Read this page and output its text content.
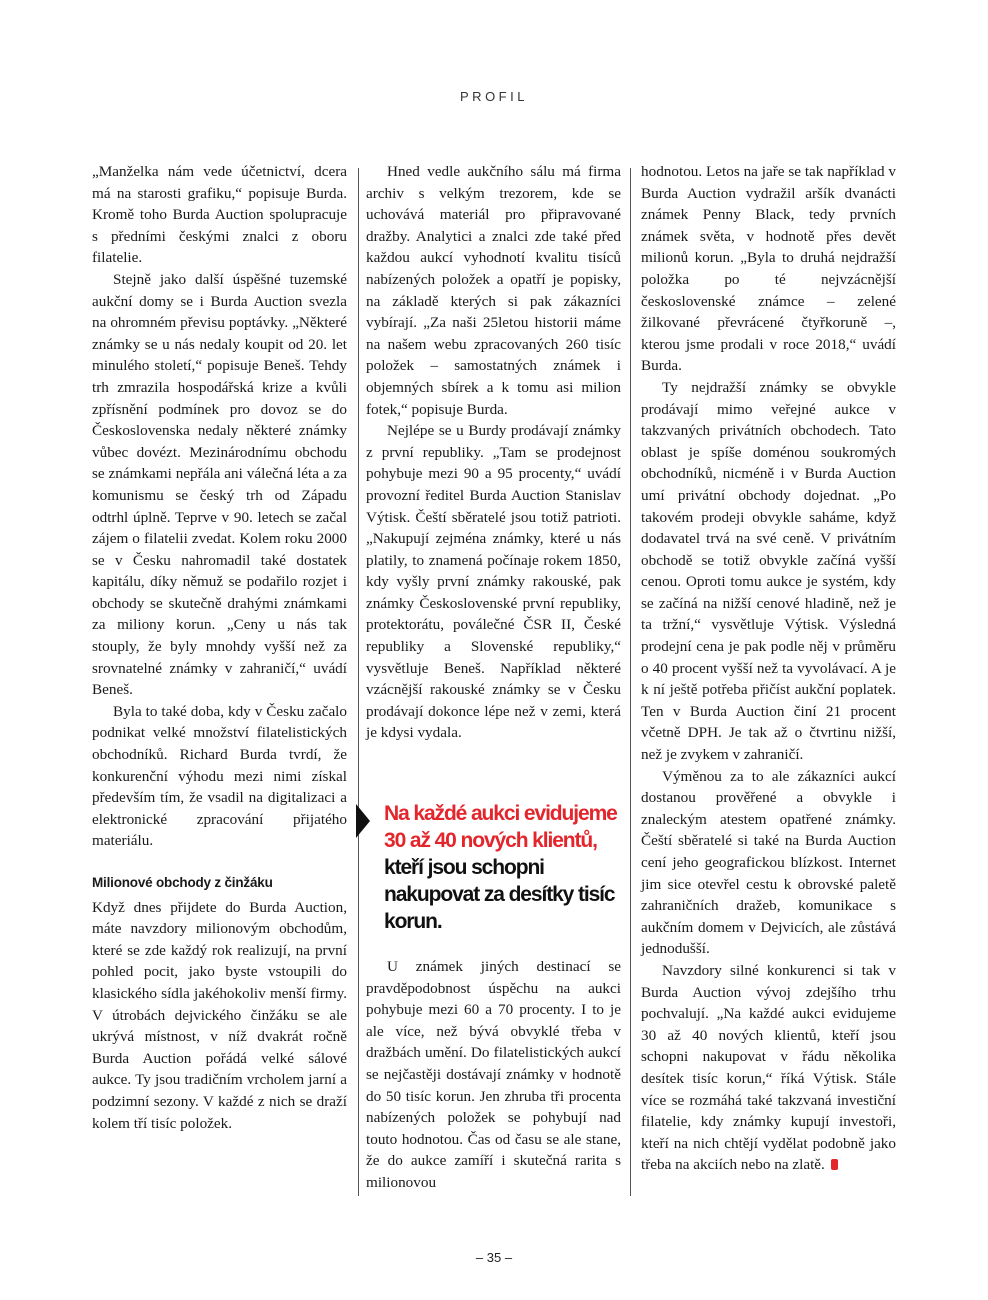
PROFIL

„Manželka nám vede účetnictví, dcera má na starosti grafiku,“ popisuje Burda. Kromě toho Burda Auction spolupracuje s předními českými znalci z oboru filatelie.

Stejně jako další úspěšné tuzemské aukční domy se i Burda Auction svezla na ohromném převisu poptávky. „Některé známky se u nás nedaly koupit od 20. let minulého století,“ popisuje Beneš. Tehdy trh zmrazila hospodářská krize a kvůli zpřísnění podmínek pro dovoz se do Československa nedaly některé známky vůbec dovézt. Mezinárodnímu obchodu se známkami nepřála ani válečná léta a za komunismu se český trh od Západu odtrhl úplně. Teprve v 90. letech se začal zájem o filatelii zvedat. Kolem roku 2000 se v Česku nahromadil také dostatek kapitálu, díky němuž se podařilo rozjet i obchody se skutečně drahými známkami za miliony korun. „Ceny u nás tak stouply, že byly mnohdy vyšší než za srovnatelné známky v zahraničí,“ uvádí Beneš.

Byla to také doba, kdy v Česku začalo podnikat velké množství filatelistických obchodníků. Richard Burda tvrdí, že konkurenční výhodu mezi nimi získal především tím, že vsadil na digitalizaci a elektronické zpracování přijatého materiálu.

Milionové obchody z činžáku

Když dnes přijdete do Burda Auction, máte navzdory milionovým obchodům, které se zde každý rok realizují, na první pohled pocit, jako byste vstoupili do klasického sídla jakéhokoliv menší firmy. V útrobách dejvického činžáku se ale ukrývá místnost, v níž dvakrát ročně Burda Auction pořádá velké sálové aukce. Ty jsou tradičním vrcholem jarní a podzimní sezony. V každé z nich se draží kolem tří tisíc položek.

Hned vedle aukčního sálu má firma archiv s velkým trezorem, kde se uchovává materiál pro připravované dražby. Analytici a znalci zde také před každou aukcí vyhodnotí kvalitu tisíců nabízených položek a opatří je popisky, na základě kterých si pak zákazníci vybírají. „Za naši 25letou historii máme na našem webu zpracovaných 260 tisíc položek – samostatných známek i objemných sbírek a k tomu asi milion fotek,“ popisuje Burda.

Nejlépe se u Burdy prodávají známky z první republiky. „Tam se prodejnost pohybuje mezi 90 a 95 procenty,“ uvádí provozní ředitel Burda Auction Stanislav Výtisk. Čeští sběratelé jsou totiž patrioti. „Nakupují zejména známky, které u nás platily, to znamená počínaje rokem 1850, kdy vyšly první známky rakouské, pak známky Československé první republiky, protektorátu, poválečné ČSR II, České republiky a Slovenské republiky,“ vysvětluje Beneš. Například některé vzácnější rakouské známky se v Česku prodávají dokonce lépe než v zemi, která je kdysi vydala.

Na každé aukci evidujeme 30 až 40 nových klientů, kteří jsou schopni nakupovat za desítky tisíc korun.

U známek jiných destinací se pravděpodobnost úspěchu na aukci pohybuje mezi 60 a 70 procenty. I to je ale více, než bývá obvyklé třeba v dražbách umění. Do filatelistických aukcí se nejčastěji dostávají známky v hodnotě do 50 tisíc korun. Jen zhruba tři procenta nabízených položek se pohybují nad touto hodnotou. Čas od času se ale stane, že do aukce zamíří i skutečná rarita s milionovou

hodnotou. Letos na jaře se tak například v Burda Auction vydražil aršík dvanácti známek Penny Black, tedy prvních známek světa, v hodnotě přes devět milionů korun. „Byla to druhá nejdražší položka po té nejvzácnější československé známce – zelené žilkované převrácené čtyřkoruně –, kterou jsme prodali v roce 2018,“ uvádí Burda.

Ty nejdražší známky se obvykle prodávají mimo veřejné aukce v takzvaných privátních obchodech. Tato oblast je spíše doménou soukromých obchodníků, nicméně i v Burda Auction umí privátní obchody dojednat. „Po takovém prodeji obvykle saháme, když dodavatel trvá na své ceně. V privátním obchodě se totiž obvykle začíná vyšší cenou. Oproti tomu aukce je systém, kdy se začíná na nižší cenové hladině, než je ta tržní,“ vysvětluje Výtisk. Výsledná prodejní cena je pak podle něj v průměru o 40 procent vyšší než ta vyvolávací. A je k ní ještě potřeba přičíst aukční poplatek. Ten v Burda Auction činí 21 procent včetně DPH. Je tak až o čtvrtinu nižší, než je zvykem v zahraničí.

Výměnou za to ale zákazníci aukcí dostanou prověřené a obvykle i znaleckým atestem opatřené známky. Čeští sběratelé si také na Burda Auction cení jeho geografickou blízkost. Internet jim sice otevřel cestu k obrovské paletě zahraničních dražeb, komunikace s aukčním domem v Dejvicích, ale zůstává jednodušší.

Navzdory silné konkurenci si tak v Burda Auction vývoj zdejšího trhu pochvalují. „Na každé aukci evidujeme 30 až 40 nových klientů, kteří jsou schopni nakupovat v řádu několika desítek tisíc korun,“ říká Výtisk. Stále více se rozmáhá také takzvaná investiční filatelie, kdy známky kupují investoři, kteří na nich chtějí vydělat podobně jako třeba na akciích nebo na zlatě.

– 35 –
